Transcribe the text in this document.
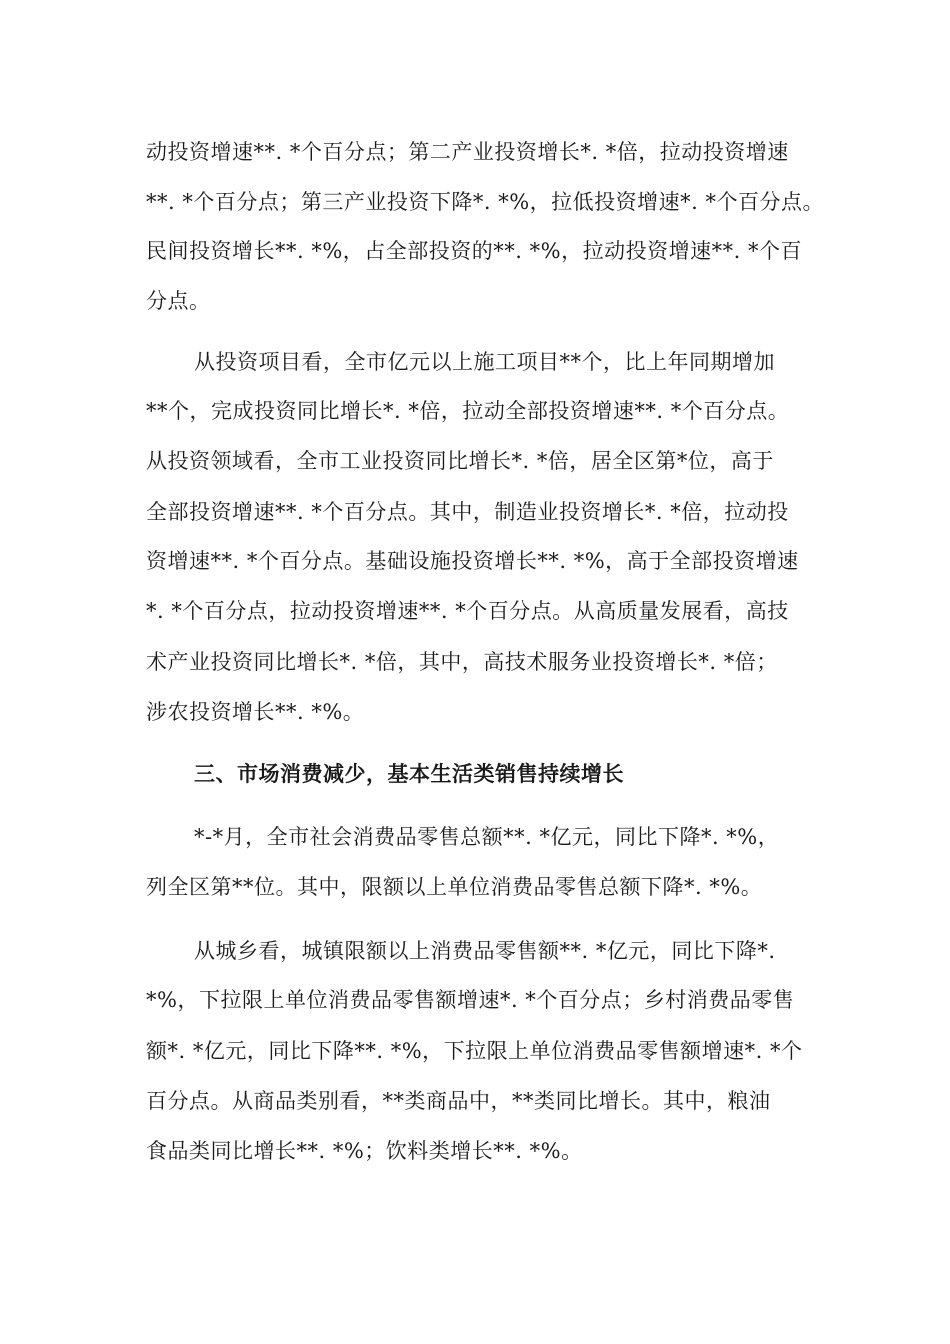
动投资增速**. *个百分点；第二产业投资增长*. *倍，拉动投资增速
**. *个百分点；第三产业投资下降*. *%，拉低投资增速*. *个百分点。
民间投资增长**. *%，占全部投资的**. *%，拉动投资增速**. *个百
分点。
从投资项目看，全市亿元以上施工项目**个，比上年同期增加
**个，完成投资同比增长*. *倍，拉动全部投资增速**. *个百分点。
从投资领域看，全市工业投资同比增长*. *倍，居全区第*位，高于
全部投资增速**. *个百分点。其中，制造业投资增长*. *倍，拉动投
资增速**. *个百分点。基础设施投资增长**. *%，高于全部投资增速
*. *个百分点，拉动投资增速**. *个百分点。从高质量发展看，高技
术产业投资同比增长*. *倍，其中，高技术服务业投资增长*. *倍；
涉农投资增长**. *%。
三、市场消费减少，基本生活类销售持续增长
*-*月，全市社会消费品零售总额**. *亿元，同比下降*. *%，
列全区第**位。其中，限额以上单位消费品零售总额下降*. *%。
从城乡看，城镇限额以上消费品零售额**. *亿元，同比下降*.
*%，下拉限上单位消费品零售额增速*. *个百分点；乡村消费品零售
额*. *亿元，同比下降**. *%，下拉限上单位消费品零售额增速*. *个
百分点。从商品类别看，**类商品中，**类同比增长。其中，粮油
食品类同比增长**. *%；饮料类增长**. *%。
